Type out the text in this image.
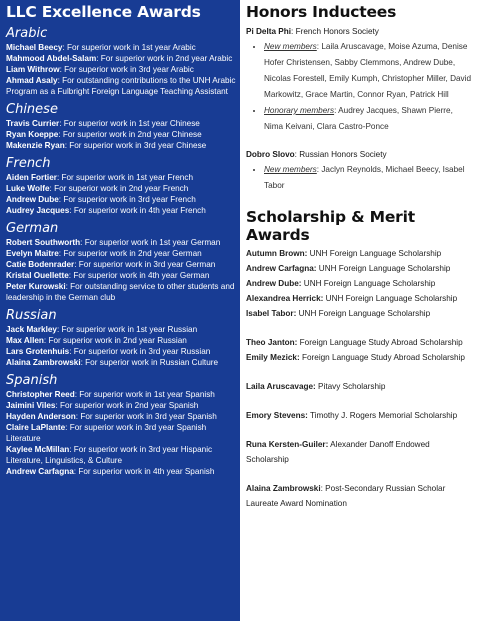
LLC Excellence Awards
Arabic

Michael Beecy: For superior work in 1st year Arabic

Mahmood Abdel-Salam: For superior work in 2nd year Arabic

Liam Withrow: For superior work in 3rd year Arabic

Ahmad Asaly: For outstanding contributions to the UNH Arabic Program as a Fulbright Foreign Language Teaching Assistant

Chinese

Travis Currier: For superior work in 1st year Chinese

Ryan Koeppe: For superior work in 2nd year Chinese

Makenzie Ryan: For superior work in 3rd year Chinese

French

Aiden Fortier: For superior work in 1st year French

Luke Wolfe: For superior work in 2nd year French

Andrew Dube: For superior work in 3rd year French

Audrey Jacques: For superior work in 4th year French

German

Robert Southworth: For superior work in 1st year German

Evelyn Maitre: For superior work in 2nd year German

Catie Bodenrader: For superior work in 3rd year German

Kristal Ouellette: For superior work in 4th year German

Peter Kurowski: For outstanding service to other students and leadership in the German club

Russian

Jack Markley: For superior work in 1st year Russian

Max Allen: For superior work in 2nd year Russian

Lars Grotenhuis: For superior work in 3rd year Russian

Alaina Zambrowski: For superior work in Russian Culture

Spanish

Christopher Reed: For superior work in 1st year Spanish

Jaimini Viles: For superior work in 2nd year Spanish

Hayden Anderson: For superior work in 3rd year Spanish

Claire LaPlante: For superior work in 3rd year Spanish Literature

Kaylee McMillan: For superior work in 3rd year Hispanic Literature, Linguistics, & Culture

Andrew Carfagna: For superior work in 4th year Spanish

Honors Inductees

Pi Delta Phi: French Honors Society

• New members: Laila Aruscavage, Moise Azuma, Denise Hofer Christensen, Sabby Clemmons, Andrew Dube, Nicolas Forestell, Emily Kumph, Christopher Miller, David Markowitz, Grace Martin, Connor Ryan, Patrick Hill
• Honorary members: Audrey Jacques, Shawn Pierre, Nima Keivani, Clara Castro-Ponce

Dobro Slovo: Russian Honors Society

• New members: Jaclyn Reynolds, Michael Beecy, Isabel Tabor
Scholarship & Merit Awards

Autumn Brown: UNH Foreign Language Scholarship

Andrew Carfagna: UNH Foreign Language Scholarship

Andrew Dube: UNH Foreign Language Scholarship

Alexandrea Herrick: UNH Foreign Language Scholarship

Isabel Tabor: UNH Foreign Language Scholarship

Theo Janton: Foreign Language Study Abroad Scholarship

Emily Mezick: Foreign Language Study Abroad Scholarship

Laila Aruscavage: Pitavy Scholarship

Emory Stevens: Timothy J. Rogers Memorial Scholarship

Runa Kersten-Guiler: Alexander Danoff Endowed Scholarship

Alaina Zambrowski: Post-Secondary Russian Scholar Laureate Award Nomination
